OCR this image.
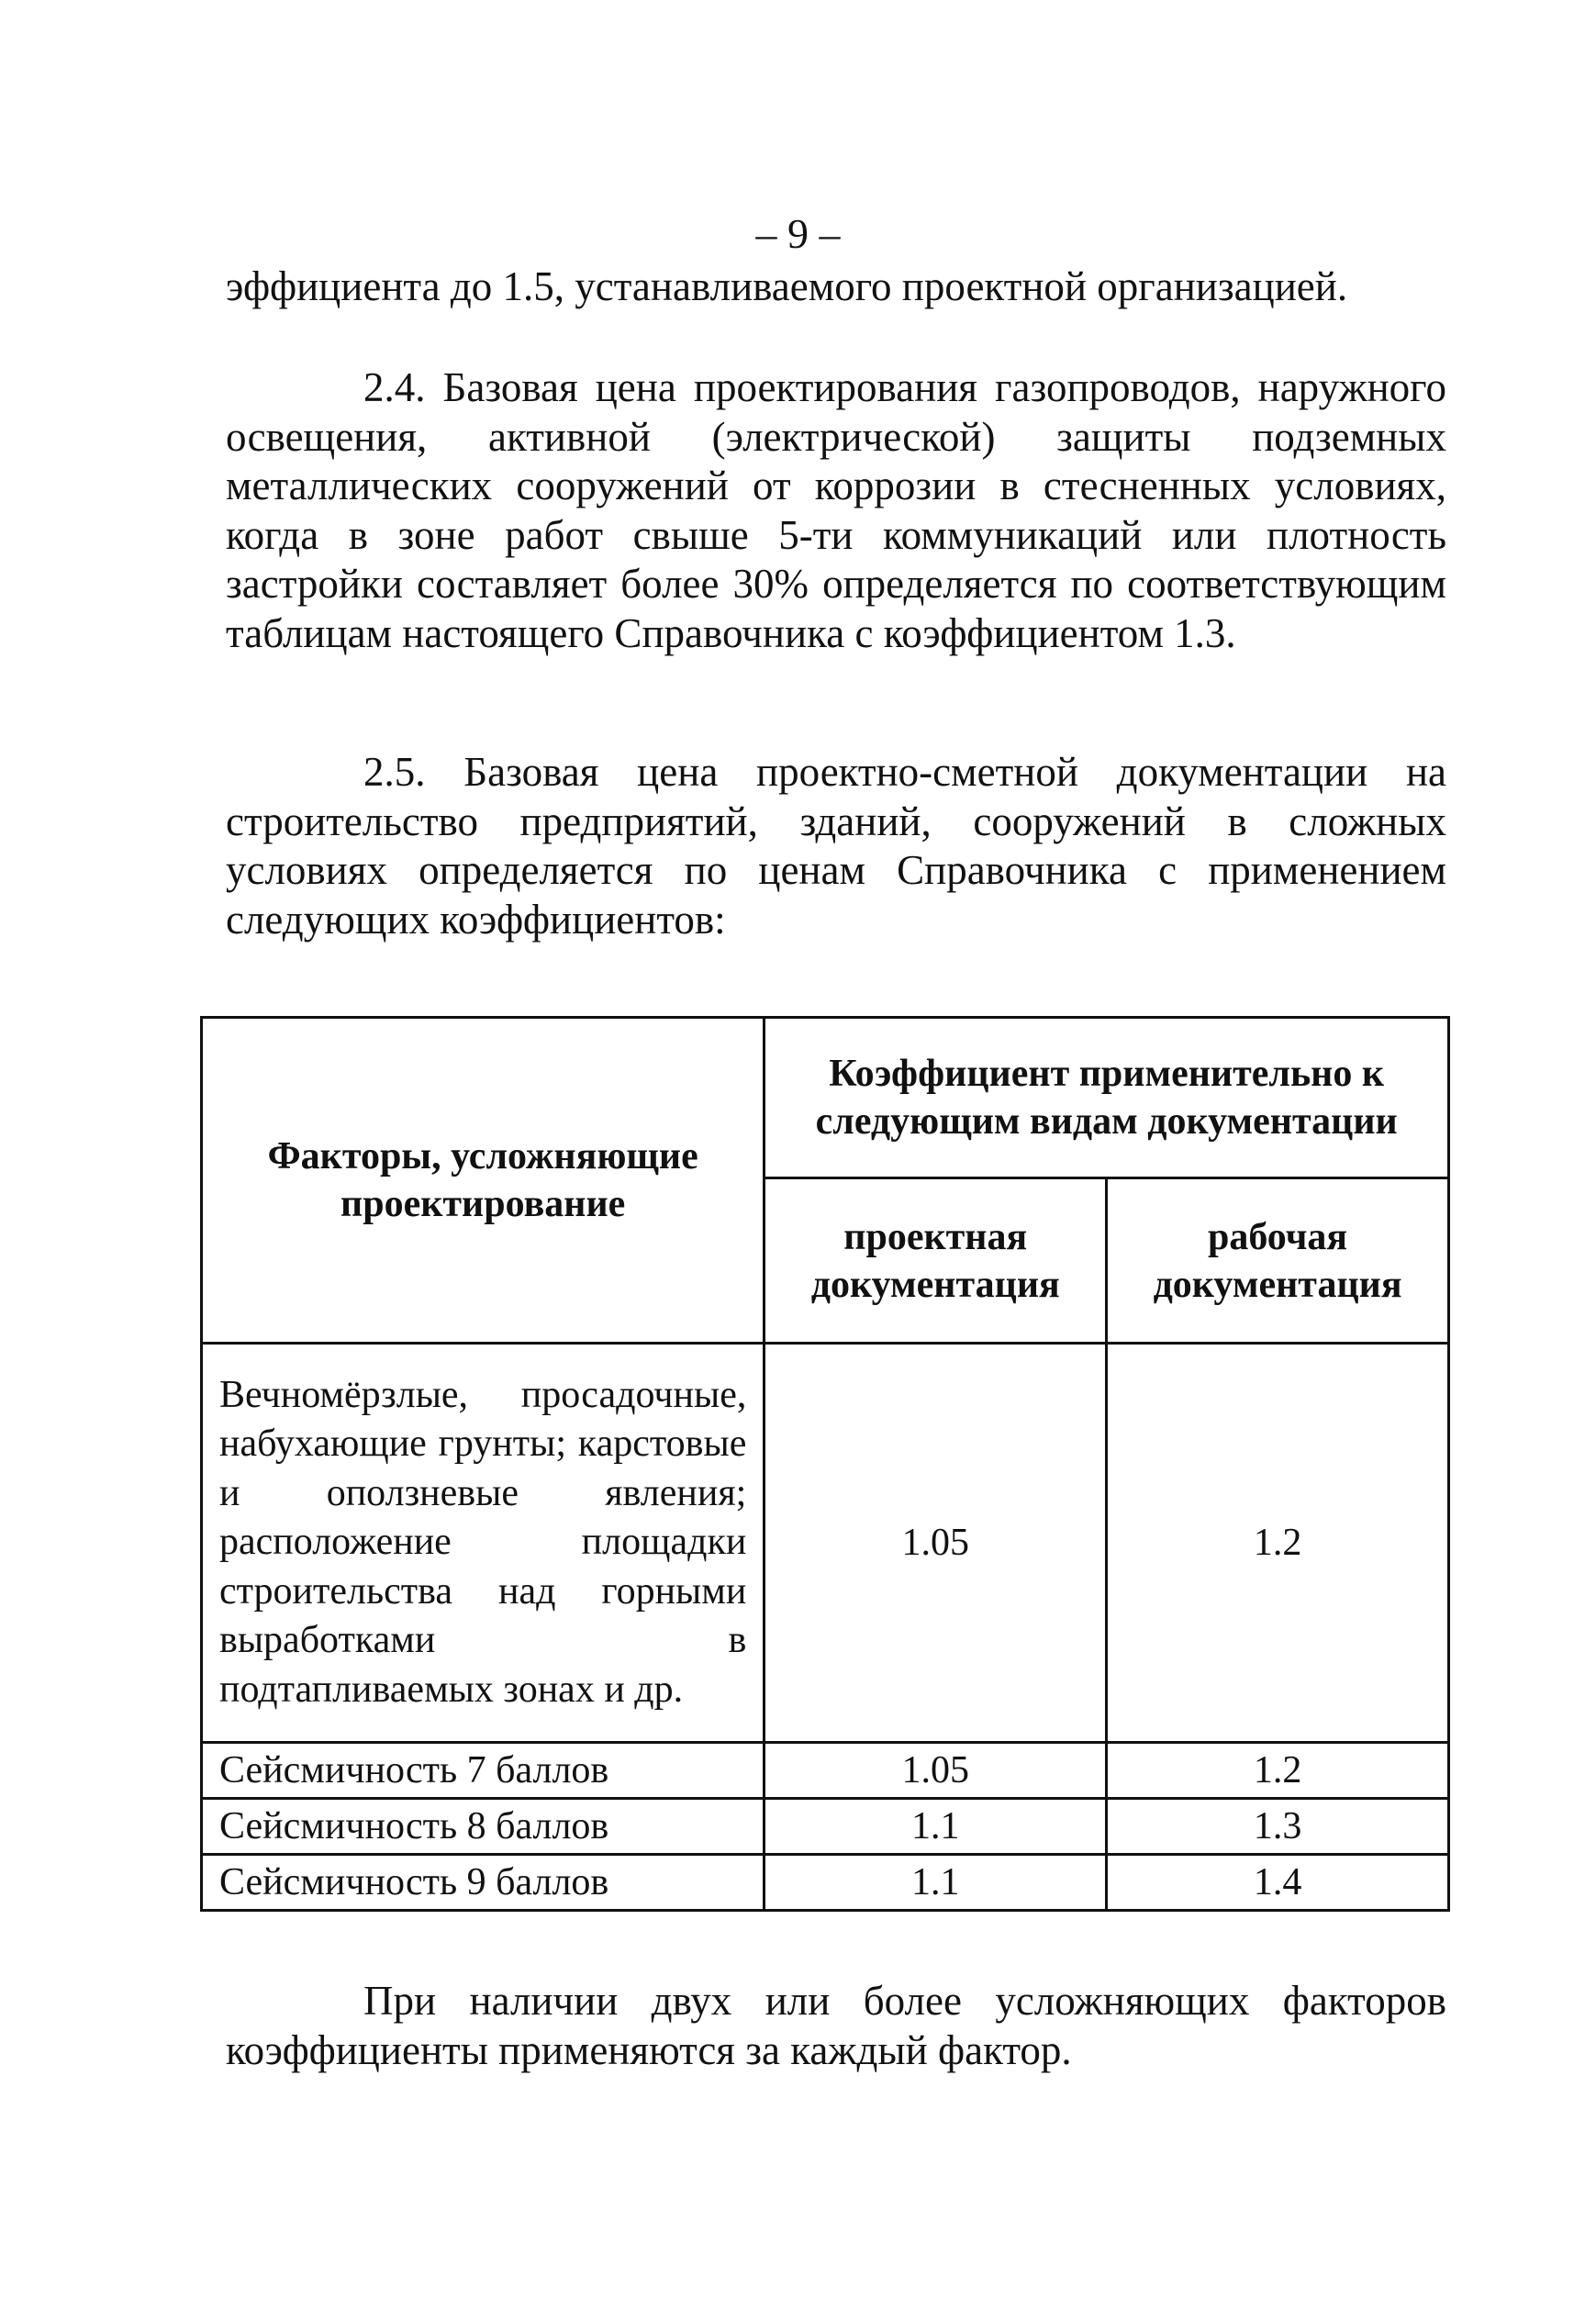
– 9 –

эффициента до 1.5, устанавливаемого проектной организацией.

2.4. Базовая цена проектирования газопроводов, наружного освещения, активной (электрической) защиты подземных металлических сооружений от коррозии в стесненных условиях, когда в зоне работ свыше 5-ти коммуникаций или плотность застройки составляет более 30% определяется по соответствующим таблицам настоящего Справочника с коэффициентом 1.3.

2.5. Базовая цена проектно-сметной документации на строительство предприятий, зданий, сооружений в сложных условиях определяется по ценам Справочника с применением следующих коэффициентов:

Факторы, усложняющие проектирование	Коэффициент применительно к следующим видам документации	
	проектная документация	рабочая документация
Вечномёрзлые, просадочные, набухающие грунты; карстовые и оползневые явления; расположение площадки строительства над горными выработками в подтапливаемых зонах и др.	1.05	1.2
Сейсмичность 7 баллов	1.05	1.2
Сейсмичность 8 баллов	1.1	1.3
Сейсмичность 9 баллов	1.1	1.4

При наличии двух или более усложняющих факторов коэффициенты применяются за каждый фактор.
